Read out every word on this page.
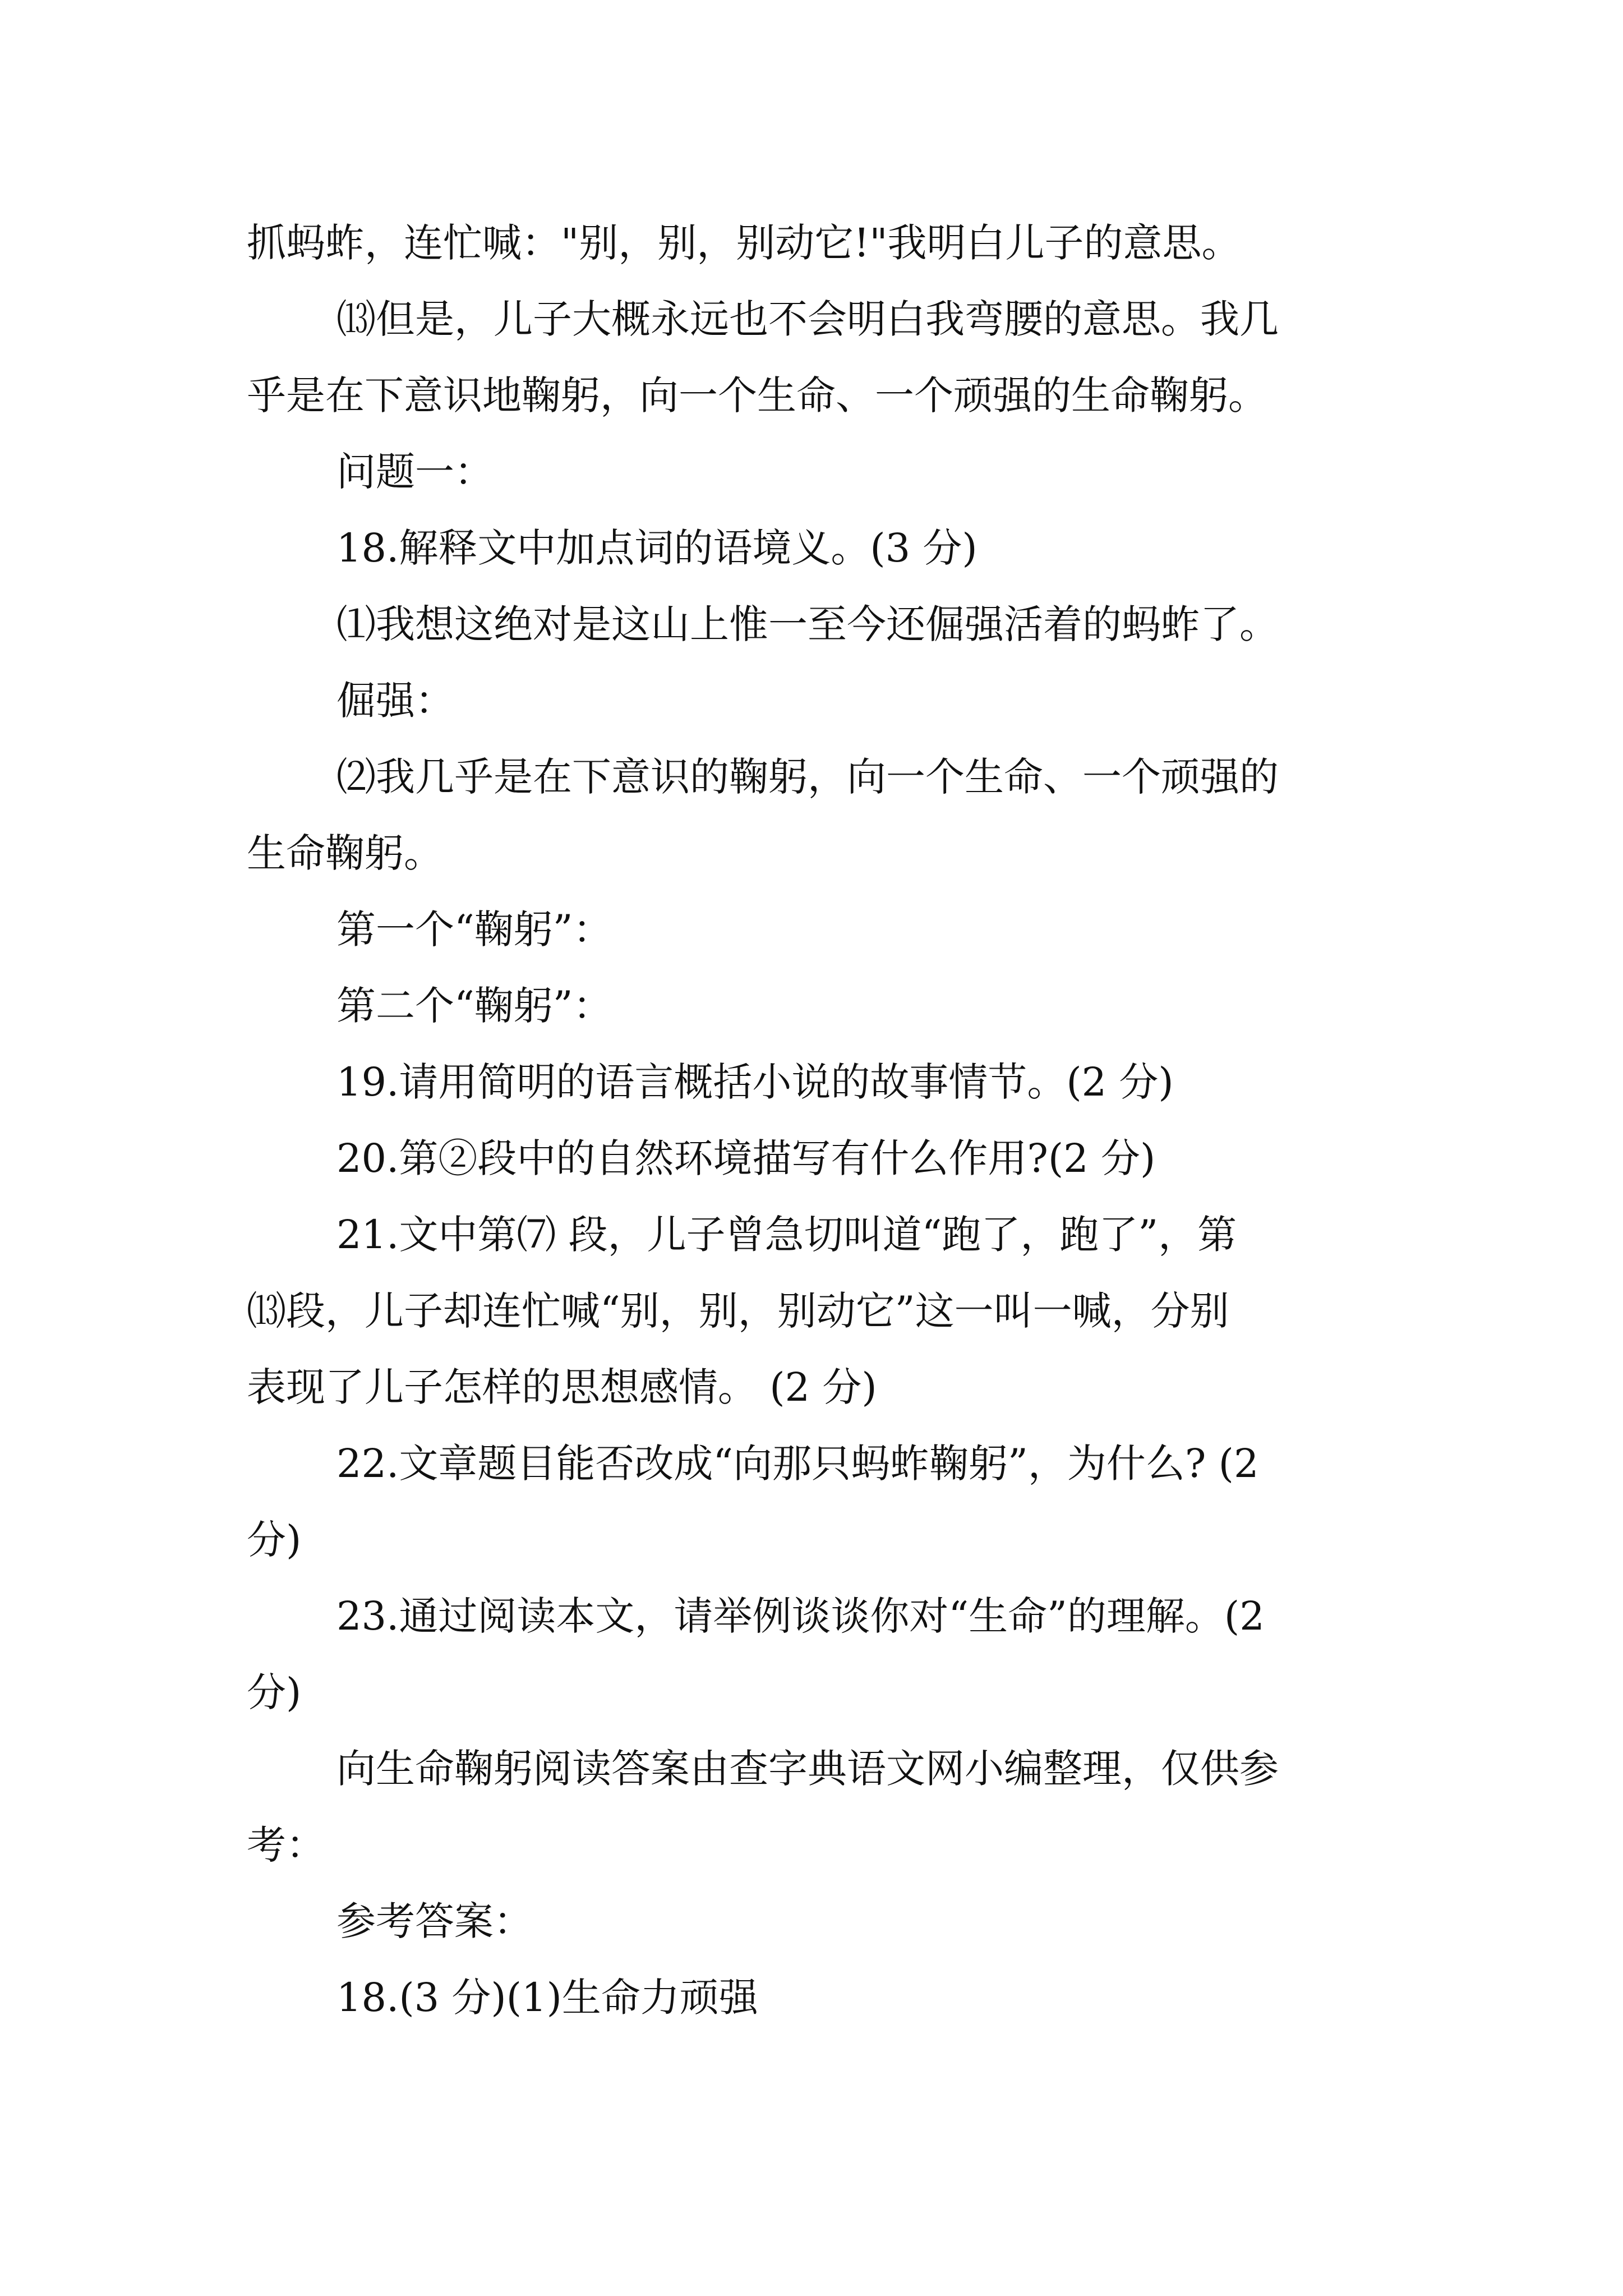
抓蚂蚱，连忙喊："别，别，别动它!"我明白儿子的意思。
⒀但是，儿子大概永远也不会明白我弯腰的意思。我几
乎是在下意识地鞠躬，向一个生命、一个顽强的生命鞠躬。
问题一：
18.解释文中加点词的语境义。(3 分)
⑴我想这绝对是这山上惟一至今还倔强活着的蚂蚱了。
倔强：
⑵我几乎是在下意识的鞠躬，向一个生命、一个顽强的
生命鞠躬。
第一个“鞠躬”：
第二个“鞠躬”：
19.请用简明的语言概括小说的故事情节。(2 分)
20.第②段中的自然环境描写有什么作用?(2 分)
21.文中第⑺ 段，儿子曾急切叫道“跑了，跑了”，第
⒀段，儿子却连忙喊“别，别，别动它”这一叫一喊，分别
表现了儿子怎样的思想感情。 (2 分)
22.文章题目能否改成“向那只蚂蚱鞠躬”，为什么? (2
分)
23.通过阅读本文，请举例谈谈你对“生命”的理解。(2
分)
向生命鞠躬阅读答案由查字典语文网小编整理，仅供参
考：
参考答案：
18.(3 分)(1)生命力顽强
